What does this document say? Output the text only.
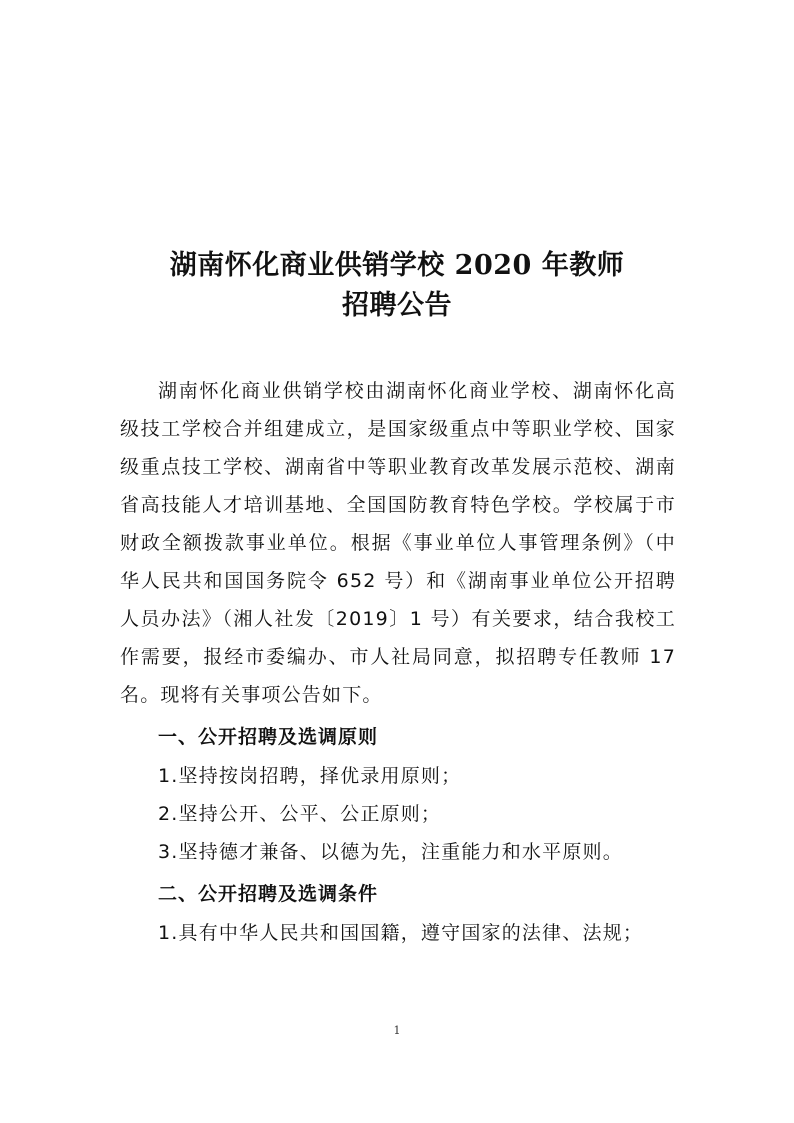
湖南怀化商业供销学校 2020 年教师
招聘公告

湖南怀化商业供销学校由湖南怀化商业学校、湖南怀化高级技工学校合并组建成立，是国家级重点中等职业学校、国家级重点技工学校、湖南省中等职业教育改革发展示范校、湖南省高技能人才培训基地、全国国防教育特色学校。学校属于市财政全额拨款事业单位。根据《事业单位人事管理条例》（中华人民共和国国务院令 652 号）和《湖南事业单位公开招聘人员办法》（湘人社发〔2019〕1 号）有关要求，结合我校工作需要，报经市委编办、市人社局同意，拟招聘专任教师 17 名。现将有关事项公告如下。

一、公开招聘及选调原则

1.坚持按岗招聘，择优录用原则；

2.坚持公开、公平、公正原则；

3.坚持德才兼备、以德为先，注重能力和水平原则。

二、公开招聘及选调条件

1.具有中华人民共和国国籍，遵守国家的法律、法规；

1
